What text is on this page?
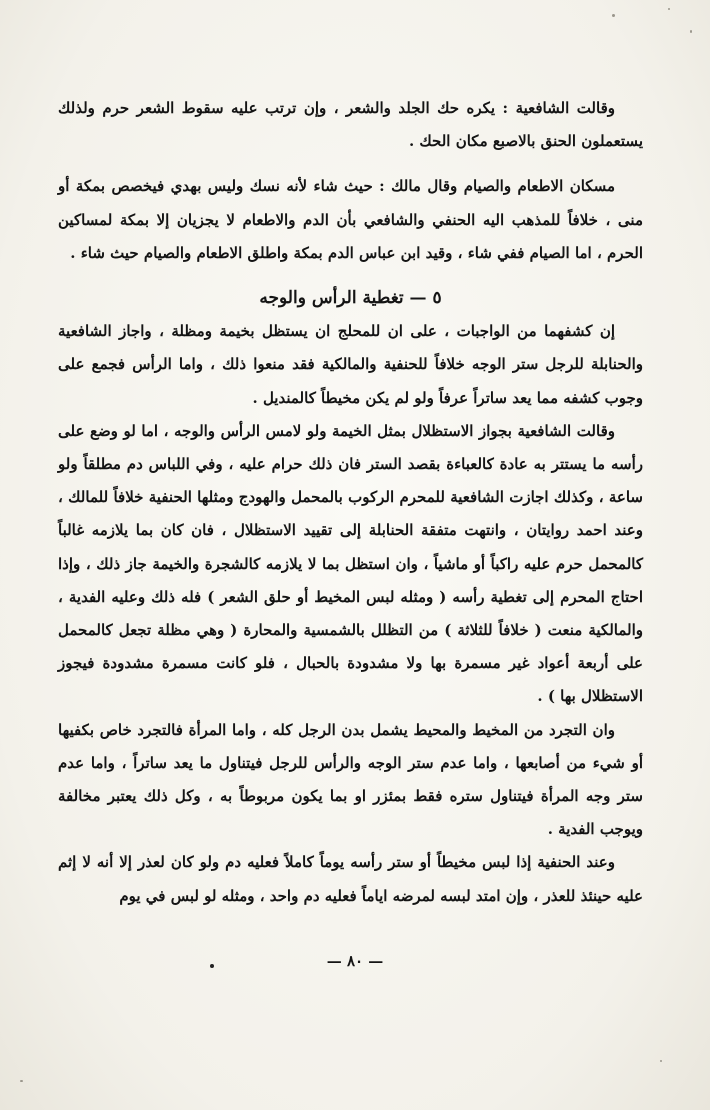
وقالت الشافعية : يكره حك الجلد والشعر ، وإن ترتب عليه سقوط الشعر حرم ولذلك يستعملون الحنق بالاصبع مكان الحك .

مسكان الاطعام والصيام وقال مالك : حيث شاء لأنه نسك وليس بهدي فيخصص بمكة أو منى ، خلافاً للمذهب اليه الحنفي والشافعي بأن الدم والاطعام لا يجزيان إلا بمكة لمساكين الحرم ، اما الصيام ففي شاء ، وقيد ابن عباس الدم بمكة واطلق الاطعام والصيام حيث شاء .

٥ — تغطية الرأس والوجه

إن كشفهما من الواجبات ، على ان للمحلج ان يستظل بخيمة ومظلة ، واجاز الشافعية والحنابلة للرجل ستر الوجه خلافاً للحنفية والمالكية فقد منعوا ذلك ، واما الرأس فجمع على وجوب كشفه مما يعد ساتراً عرفاً ولو لم يكن مخيطاً كالمنديل .

وقالت الشافعية بجواز الاستظلال بمثل الخيمة ولو لامس الرأس والوجه ، اما لو وضع على رأسه ما يستتر به عادة كالعباءة بقصد الستر فان ذلك حرام عليه ، وفي اللباس دم مطلقاً ولو ساعة ، وكذلك اجازت الشافعية للمحرم الركوب بالمحمل والهودج ومثلها الحنفية خلافاً للمالك ، وعند احمد روايتان ، وانتهت متفقة الحنابلة إلى تقييد الاستظلال ، فان كان بما يلازمه غالباً كالمحمل حرم عليه راكباً أو ماشياً ، وان استظل بما لا يلازمه كالشجرة والخيمة جاز ذلك ، وإذا احتاج المحرم إلى تغطية رأسه ( ومثله لبس المخيط أو حلق الشعر ) فله ذلك وعليه الفدية ، والمالكية منعت ( خلافاً للثلاثة ) من التظلل بالشمسية والمحارة ( وهي مظلة تجعل كالمحمل على أربعة أعواد غير مسمرة بها ولا مشدودة بالحبال ، فلو كانت مسمرة مشدودة فيجوز الاستظلال بها ) .

وان التجرد من المخيط والمحيط يشمل بدن الرجل كله ، واما المرأة فالتجرد خاص بكفيها أو شيء من أصابعها ، واما عدم ستر الوجه والرأس للرجل فيتناول ما يعد ساتراً ، واما عدم ستر وجه المرأة فيتناول ستره فقط بمئزر او بما يكون مربوطاً به ، وكل ذلك يعتبر مخالفة ويوجب الفدية .

وعند الحنفية إذا لبس مخيطاً أو ستر رأسه يوماً كاملاً فعليه دم ولو كان لعذر إلا أنه لا إثم عليه حينئذ للعذر ، وإن امتد لبسه لمرضه اياماً فعليه دم واحد ، ومثله لو لبس في يوم

— ٨٠ —
